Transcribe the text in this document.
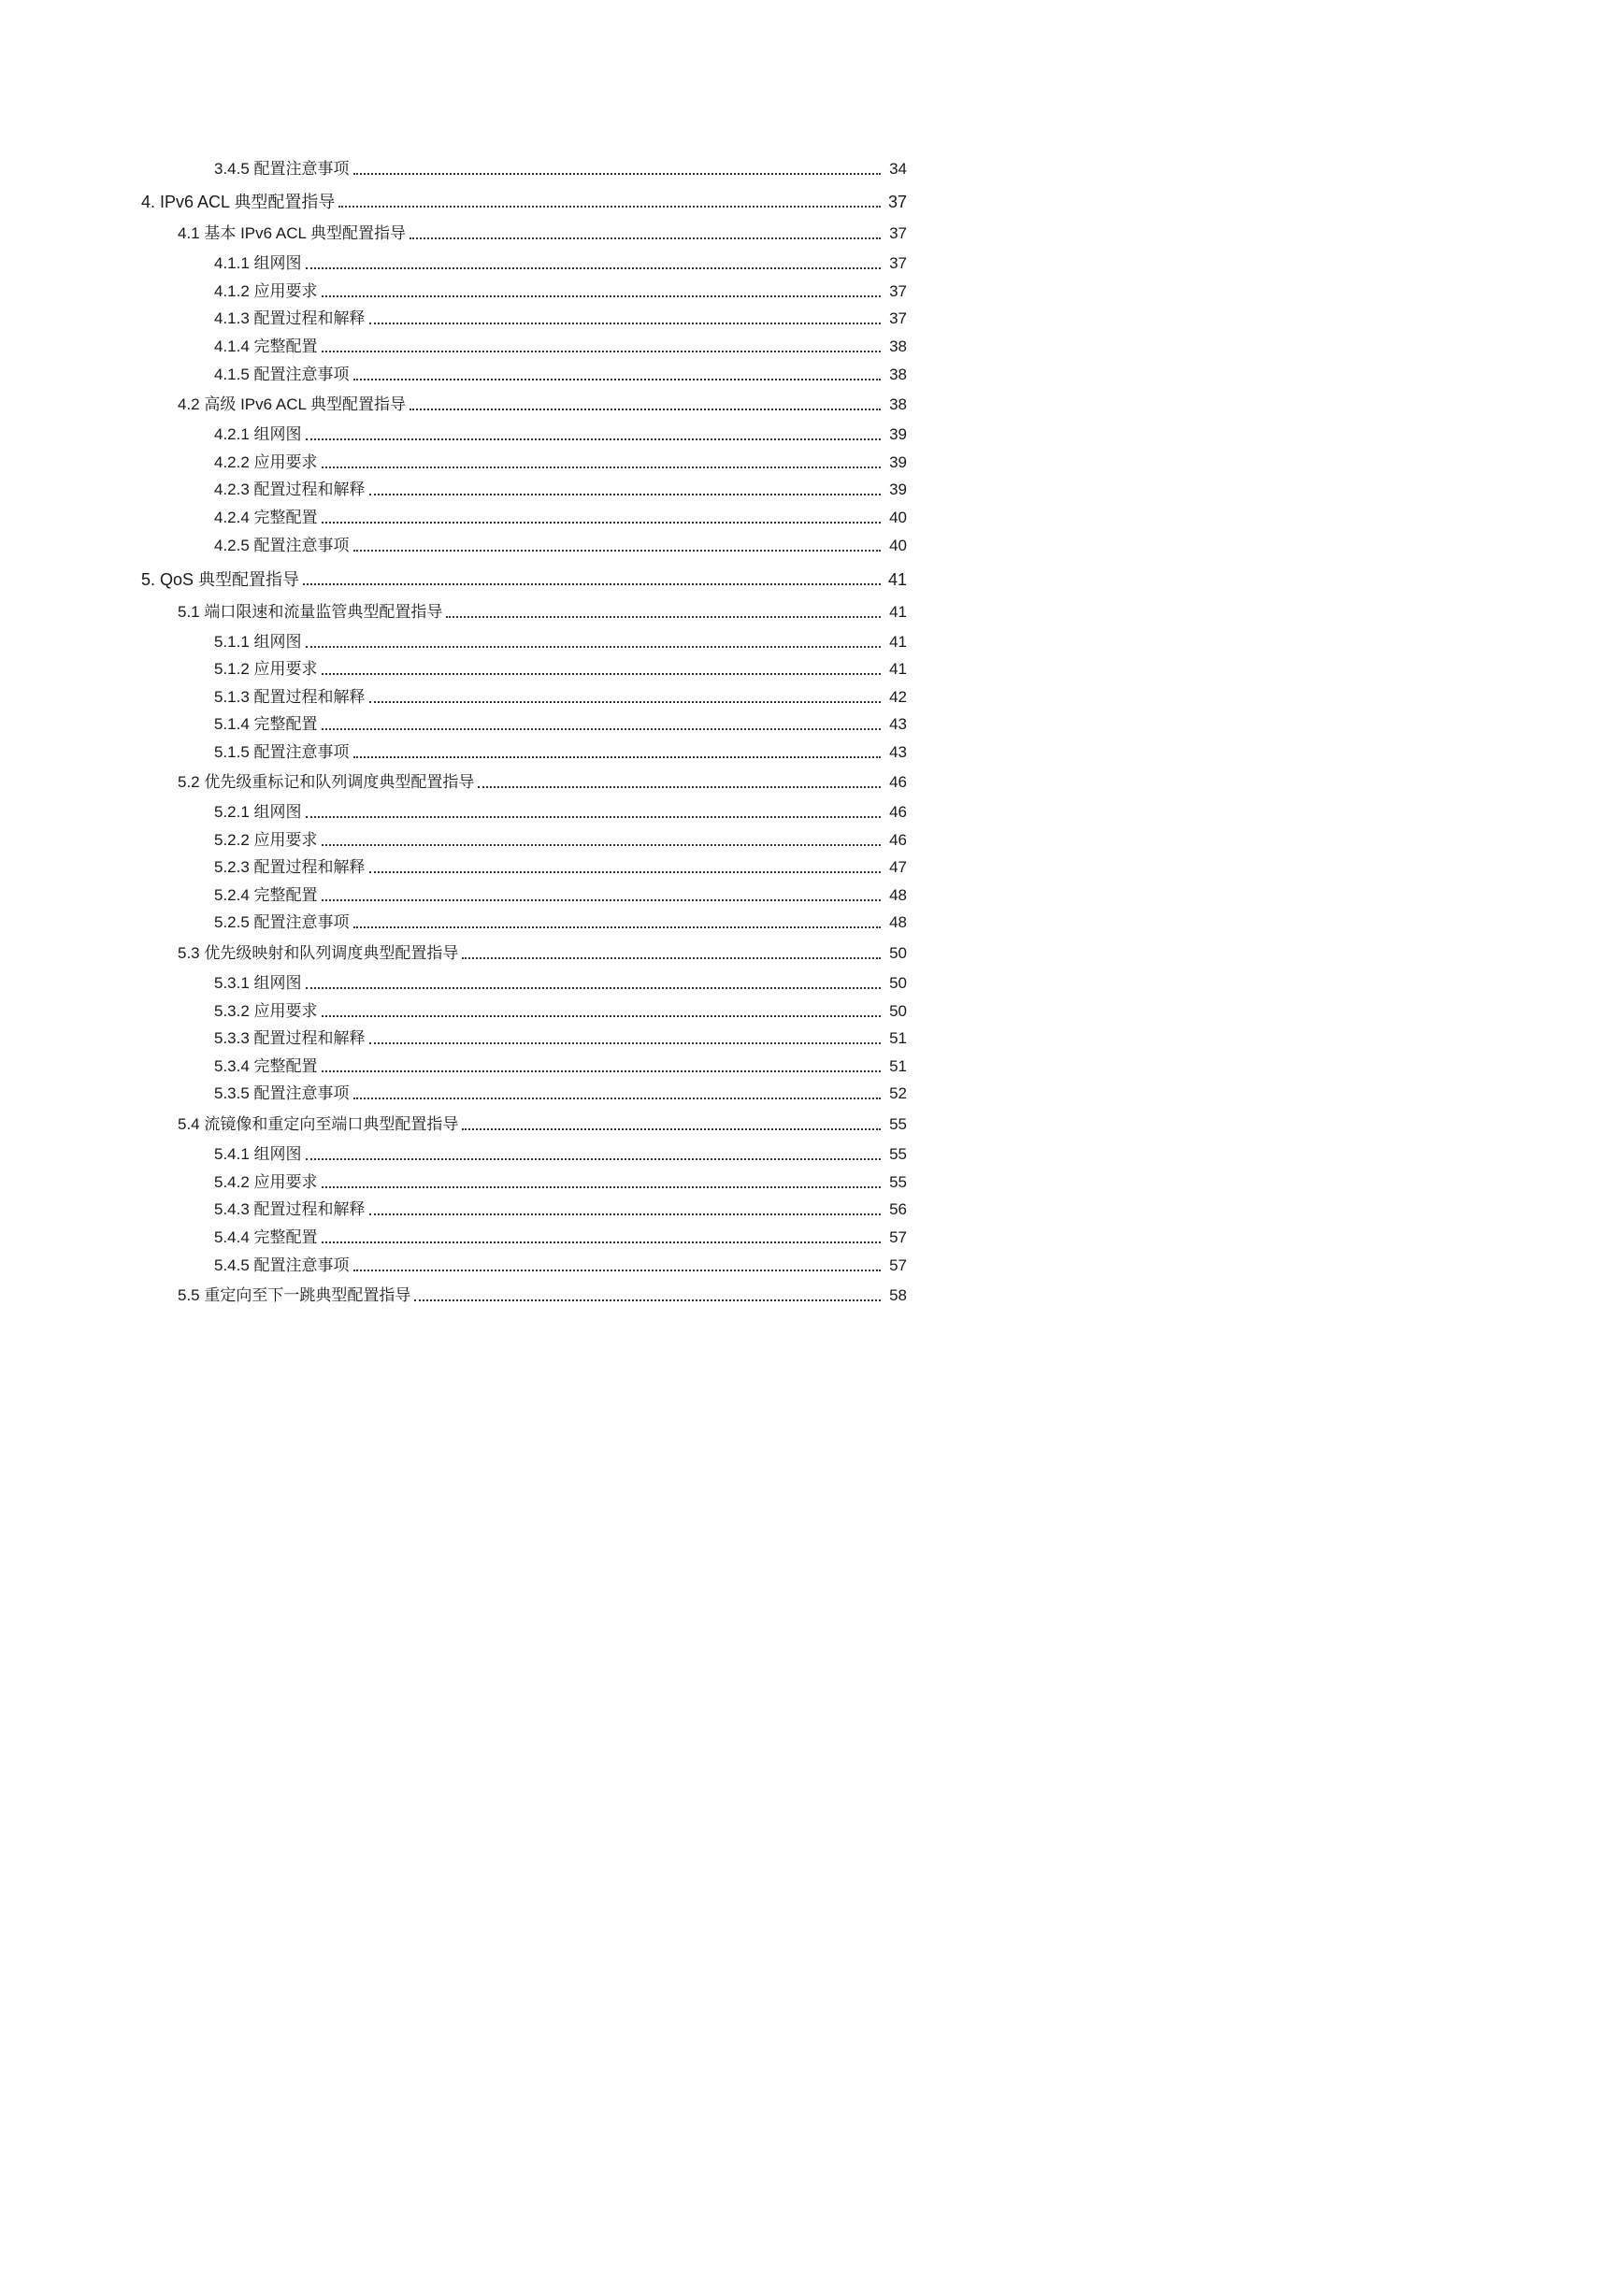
3.4.5 配置注意事项	34
4. IPv6 ACL 典型配置指导	37
4.1 基本 IPv6 ACL 典型配置指导	37
4.1.1 组网图	37
4.1.2 应用要求	37
4.1.3 配置过程和解释	37
4.1.4 完整配置	38
4.1.5 配置注意事项	38
4.2 高级 IPv6 ACL 典型配置指导	38
4.2.1 组网图	39
4.2.2 应用要求	39
4.2.3 配置过程和解释	39
4.2.4 完整配置	40
4.2.5 配置注意事项	40
5. QoS 典型配置指导	41
5.1 端口限速和流量监管典型配置指导	41
5.1.1 组网图	41
5.1.2 应用要求	41
5.1.3 配置过程和解释	42
5.1.4 完整配置	43
5.1.5 配置注意事项	43
5.2 优先级重标记和队列调度典型配置指导	46
5.2.1 组网图	46
5.2.2 应用要求	46
5.2.3 配置过程和解释	47
5.2.4 完整配置	48
5.2.5 配置注意事项	48
5.3 优先级映射和队列调度典型配置指导	50
5.3.1 组网图	50
5.3.2 应用要求	50
5.3.3 配置过程和解释	51
5.3.4 完整配置	51
5.3.5 配置注意事项	52
5.4 流镜像和重定向至端口典型配置指导	55
5.4.1 组网图	55
5.4.2 应用要求	55
5.4.3 配置过程和解释	56
5.4.4 完整配置	57
5.4.5 配置注意事项	57
5.5 重定向至下一跳典型配置指导	58
